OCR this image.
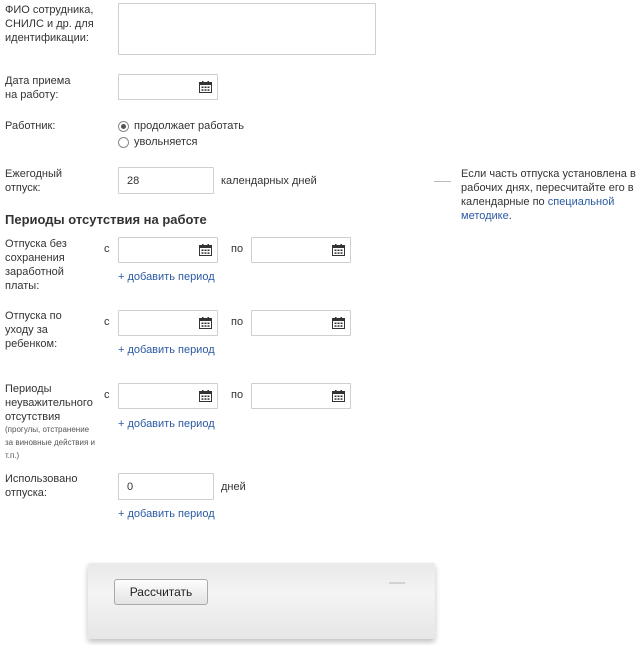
ФИО сотрудника, СНИЛС и др. для идентификации:
Дата приема на работу:
Работник:	продолжает работать
увольняется
Ежегодный отпуск:
28
календарных дней
Если часть отпуска установлена в рабочих днях, пересчитайте его в календарные по специальной методике.
Периоды отсутствия на работе
Отпуска без сохранения заработной платы:
с	по
+ добавить период
Отпуска по уходу за ребенком:
с	по
+ добавить период
Периоды неуважительного отсутствия
(прогулы, отстранение за виновные действия и т.п.)
с	по
+ добавить период
Использовано отпуска:
0	дней
+ добавить период
Рассчитать
